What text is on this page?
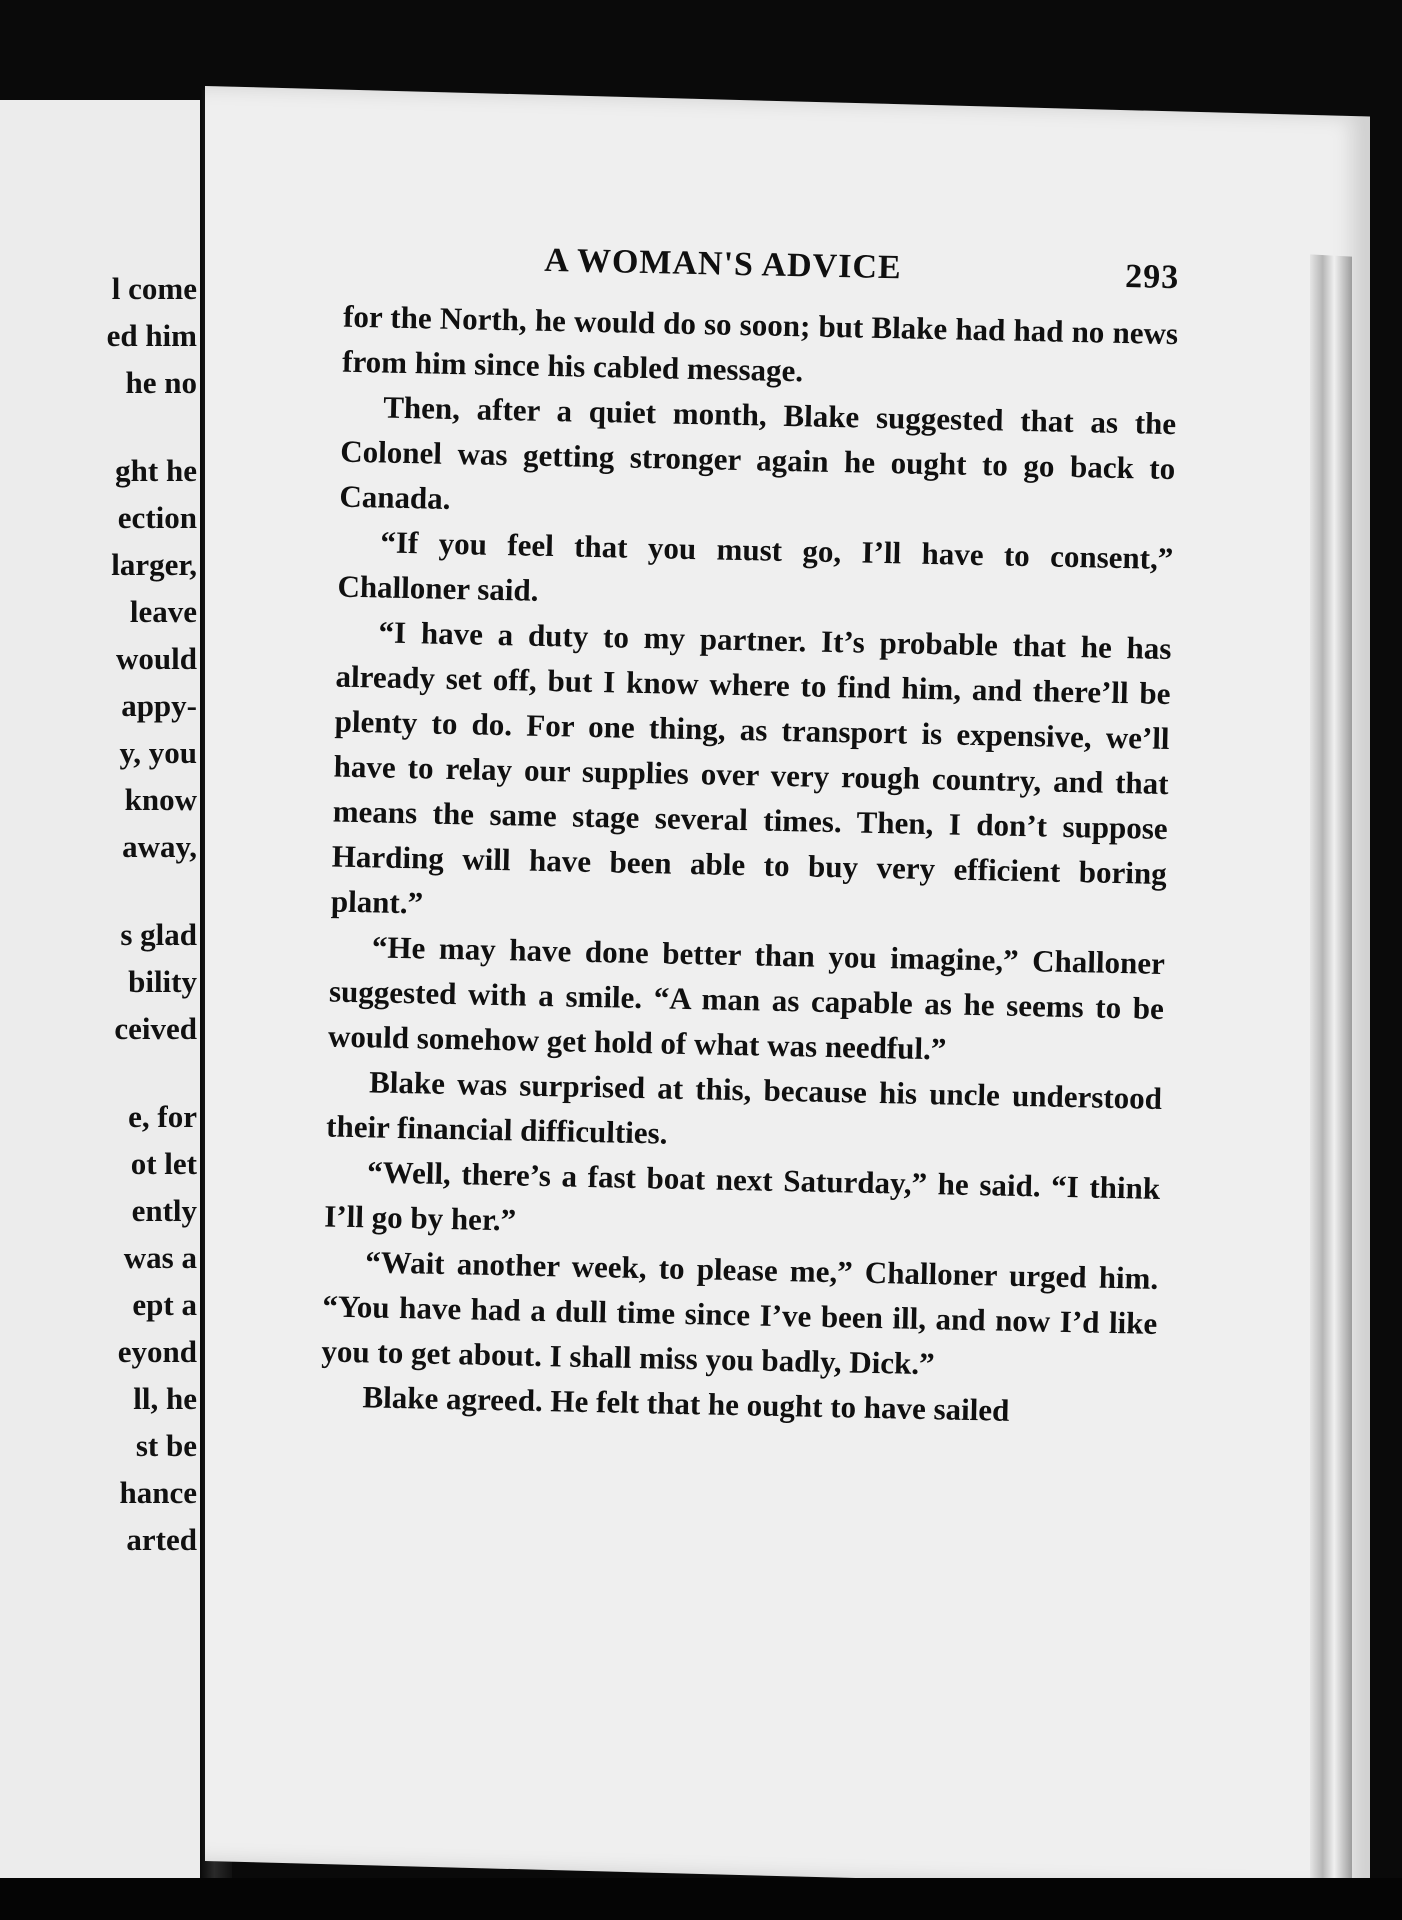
l come
ed him
he no
ght he
ection
larger,
leave
would
appy-
y, you
know
away,
s glad
bility
ceived
e, for
ot let
ently
was a
ept a
eyond
ll, he
st be
hance
arted
A WOMAN'S ADVICE	293

for the North, he would do so soon; but Blake had had no news from him since his cabled message.

Then, after a quiet month, Blake suggested that as the Colonel was getting stronger again he ought to go back to Canada.

“If you feel that you must go, I’ll have to consent,” Challoner said.

“I have a duty to my partner. It’s probable that he has already set off, but I know where to find him, and there’ll be plenty to do. For one thing, as transport is expensive, we’ll have to relay our supplies over very rough country, and that means the same stage several times. Then, I don’t suppose Harding will have been able to buy very efficient boring plant.”

“He may have done better than you imagine,” Challoner suggested with a smile. “A man as capable as he seems to be would somehow get hold of what was needful.”

Blake was surprised at this, because his uncle understood their financial difficulties.

“Well, there’s a fast boat next Saturday,” he said. “I think I’ll go by her.”

“Wait another week, to please me,” Challoner urged him. “You have had a dull time since I’ve been ill, and now I’d like you to get about. I shall miss you badly, Dick.”

Blake agreed. He felt that he ought to have sailed
